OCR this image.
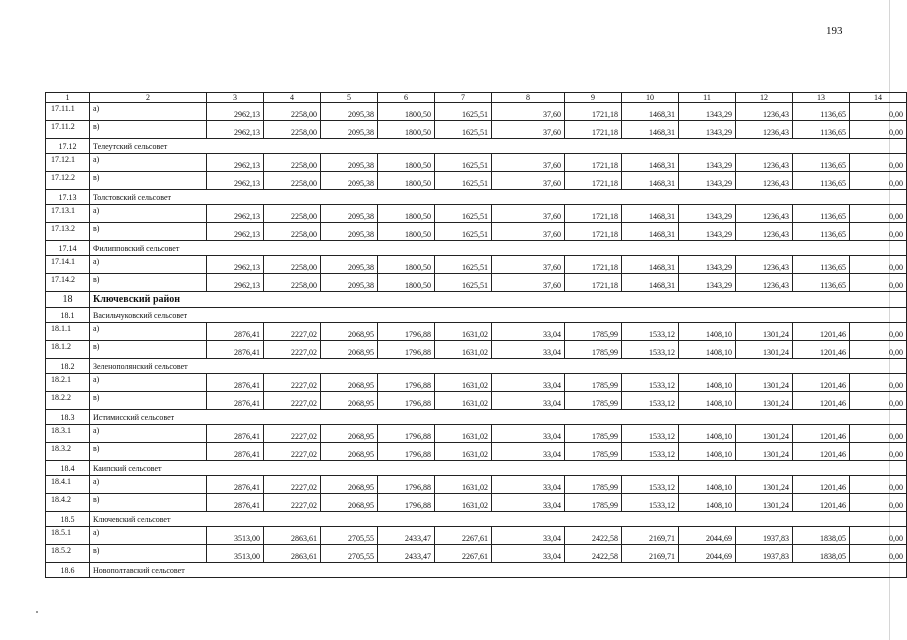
193
1	2	3	4	5	6	7	8	9	10	11	12	13	14
17.11.1	а)	2962,13	2258,00	2095,38	1800,50	1625,51	37,60	1721,18	1468,31	1343,29	1236,43	1136,65	0,00
17.11.2	в)	2962,13	2258,00	2095,38	1800,50	1625,51	37,60	1721,18	1468,31	1343,29	1236,43	1136,65	0,00
17.12	Телеутский сельсовет												
17.12.1	а)	2962,13	2258,00	2095,38	1800,50	1625,51	37,60	1721,18	1468,31	1343,29	1236,43	1136,65	0,00
17.12.2	в)	2962,13	2258,00	2095,38	1800,50	1625,51	37,60	1721,18	1468,31	1343,29	1236,43	1136,65	0,00
17.13	Толстовский сельсовет												
17.13.1	а)	2962,13	2258,00	2095,38	1800,50	1625,51	37,60	1721,18	1468,31	1343,29	1236,43	1136,65	0,00
17.13.2	в)	2962,13	2258,00	2095,38	1800,50	1625,51	37,60	1721,18	1468,31	1343,29	1236,43	1136,65	0,00
17.14	Филипповский сельсовет												
17.14.1	а)	2962,13	2258,00	2095,38	1800,50	1625,51	37,60	1721,18	1468,31	1343,29	1236,43	1136,65	0,00
17.14.2	в)	2962,13	2258,00	2095,38	1800,50	1625,51	37,60	1721,18	1468,31	1343,29	1236,43	1136,65	0,00
18	Ключевский район												
18.1	Васильчуковский сельсовет												
18.1.1	а)	2876,41	2227,02	2068,95	1796,88	1631,02	33,04	1785,99	1533,12	1408,10	1301,24	1201,46	0,00
18.1.2	в)	2876,41	2227,02	2068,95	1796,88	1631,02	33,04	1785,99	1533,12	1408,10	1301,24	1201,46	0,00
18.2	Зеленополянский сельсовет												
18.2.1	а)	2876,41	2227,02	2068,95	1796,88	1631,02	33,04	1785,99	1533,12	1408,10	1301,24	1201,46	0,00
18.2.2	в)	2876,41	2227,02	2068,95	1796,88	1631,02	33,04	1785,99	1533,12	1408,10	1301,24	1201,46	0,00
18.3	Истимисский сельсовет												
18.3.1	а)	2876,41	2227,02	2068,95	1796,88	1631,02	33,04	1785,99	1533,12	1408,10	1301,24	1201,46	0,00
18.3.2	в)	2876,41	2227,02	2068,95	1796,88	1631,02	33,04	1785,99	1533,12	1408,10	1301,24	1201,46	0,00
18.4	Каипский сельсовет												
18.4.1	а)	2876,41	2227,02	2068,95	1796,88	1631,02	33,04	1785,99	1533,12	1408,10	1301,24	1201,46	0,00
18.4.2	в)	2876,41	2227,02	2068,95	1796,88	1631,02	33,04	1785,99	1533,12	1408,10	1301,24	1201,46	0,00
18.5	Ключевский сельсовет												
18.5.1	а)	3513,00	2863,61	2705,55	2433,47	2267,61	33,04	2422,58	2169,71	2044,69	1937,83	1838,05	0,00
18.5.2	в)	3513,00	2863,61	2705,55	2433,47	2267,61	33,04	2422,58	2169,71	2044,69	1937,83	1838,05	0,00
18.6	Новополтавский сельсовет												
